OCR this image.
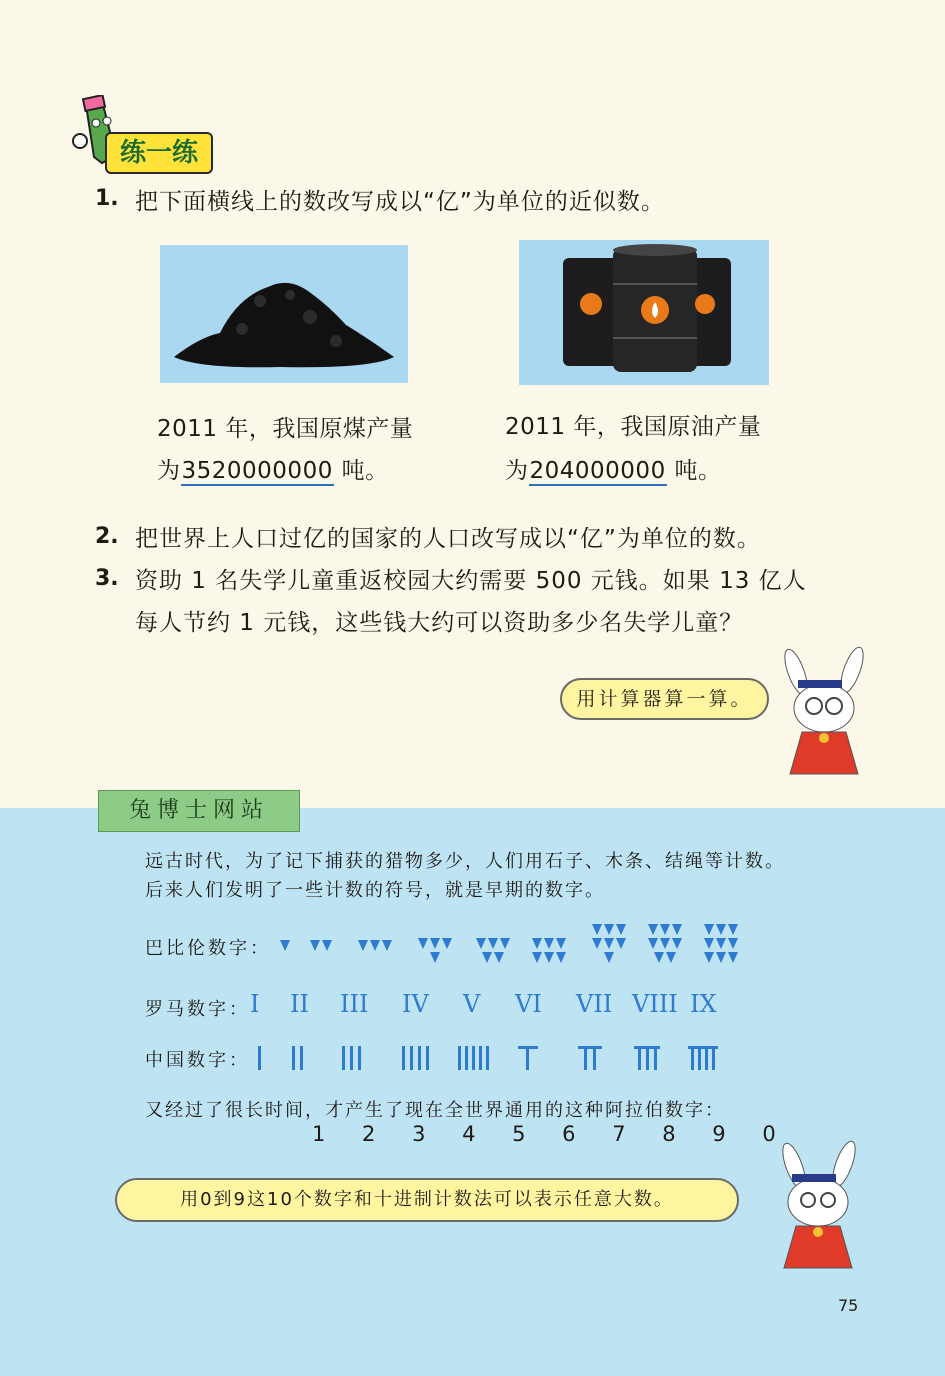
练一练
1. 把下面横线上的数改写成以“亿”为单位的近似数。
2011 年，我国原煤产量
为3520000000 吨。
2011 年，我国原油产量
为204000000 吨。
2. 把世界上人口过亿的国家的人口改写成以“亿”为单位的数。
3. 资助 1 名失学儿童重返校园大约需要 500 元钱。如果 13 亿人
每人节约 1 元钱，这些钱大约可以资助多少名失学儿童？
用计算器算一算。
兔博士网站
远古时代，为了记下捕获的猎物多少，人们用石子、木条、结绳等计数。
后来人们发明了一些计数的符号，就是早期的数字。
巴比伦数字：
罗马数字： I II III IV V VI VII VIII IX
中国数字：
又经过了很长时间，才产生了现在全世界通用的这种阿拉伯数字：
1 2 3 4 5 6 7 8 9 0
用0到9这10个数字和十进制计数法可以表示任意大数。
75
